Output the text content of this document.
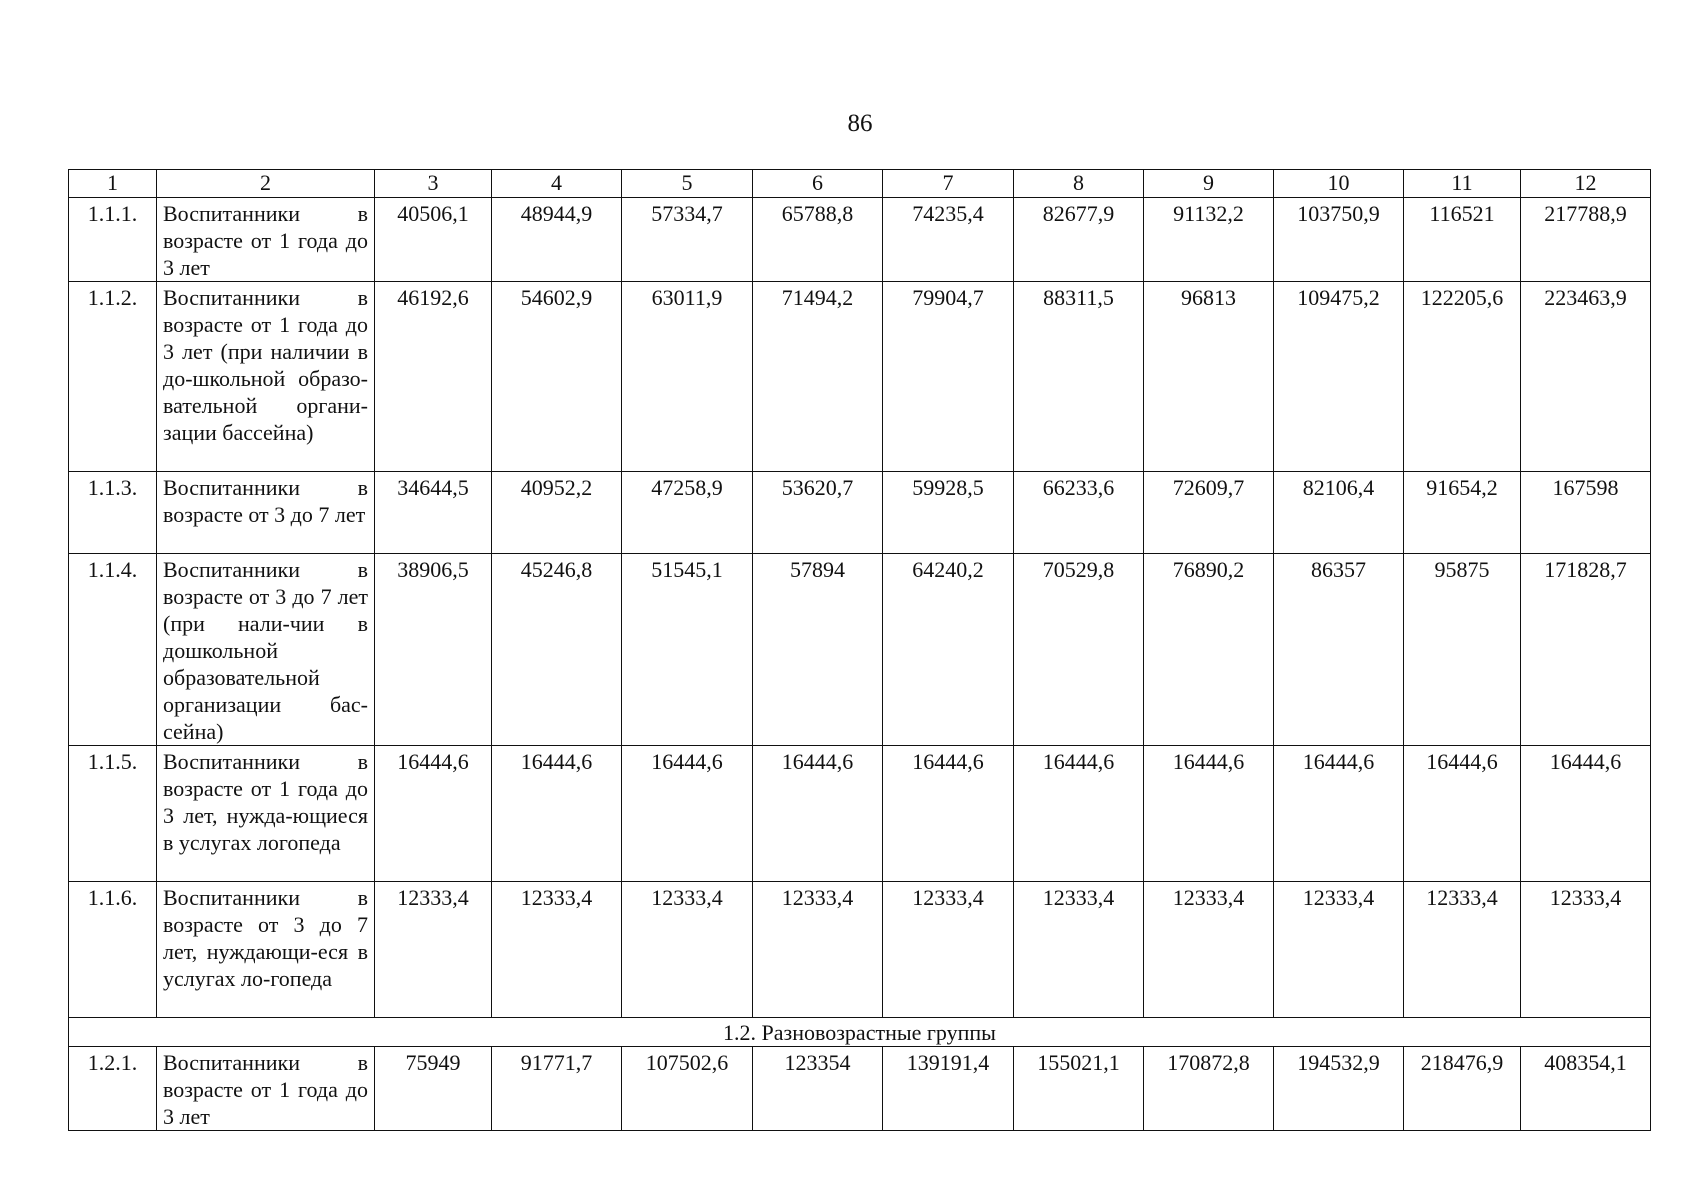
86
1	2	3	4	5	6	7	8	9	10	11	12
1.1.1.	Воспитанники в возрасте от 1 года до 3 лет	40506,1	48944,9	57334,7	65788,8	74235,4	82677,9	91132,2	103750,9	116521	217788,9
1.1.2.	Воспитанники в возрасте от 1 года до 3 лет (при наличии в до-школьной образо-вательной органи-зации бассейна)	46192,6	54602,9	63011,9	71494,2	79904,7	88311,5	96813	109475,2	122205,6	223463,9
1.1.3.	Воспитанники в возрасте от 3 до 7 лет	34644,5	40952,2	47258,9	53620,7	59928,5	66233,6	72609,7	82106,4	91654,2	167598
1.1.4.	Воспитанники в возрасте от 3 до 7 лет (при нали-чии в дошкольной образовательной организации бас-сейна)	38906,5	45246,8	51545,1	57894	64240,2	70529,8	76890,2	86357	95875	171828,7
1.1.5.	Воспитанники в возрасте от 1 года до 3 лет, нужда-ющиеся в услугах логопеда	16444,6	16444,6	16444,6	16444,6	16444,6	16444,6	16444,6	16444,6	16444,6	16444,6
1.1.6.	Воспитанники в возрасте от 3 до 7 лет, нуждающи-еся в услугах ло-гопеда	12333,4	12333,4	12333,4	12333,4	12333,4	12333,4	12333,4	12333,4	12333,4	12333,4
1.2. Разновозрастные группы											
1.2.1.	Воспитанники в возрасте от 1 года до 3 лет	75949	91771,7	107502,6	123354	139191,4	155021,1	170872,8	194532,9	218476,9	408354,1
